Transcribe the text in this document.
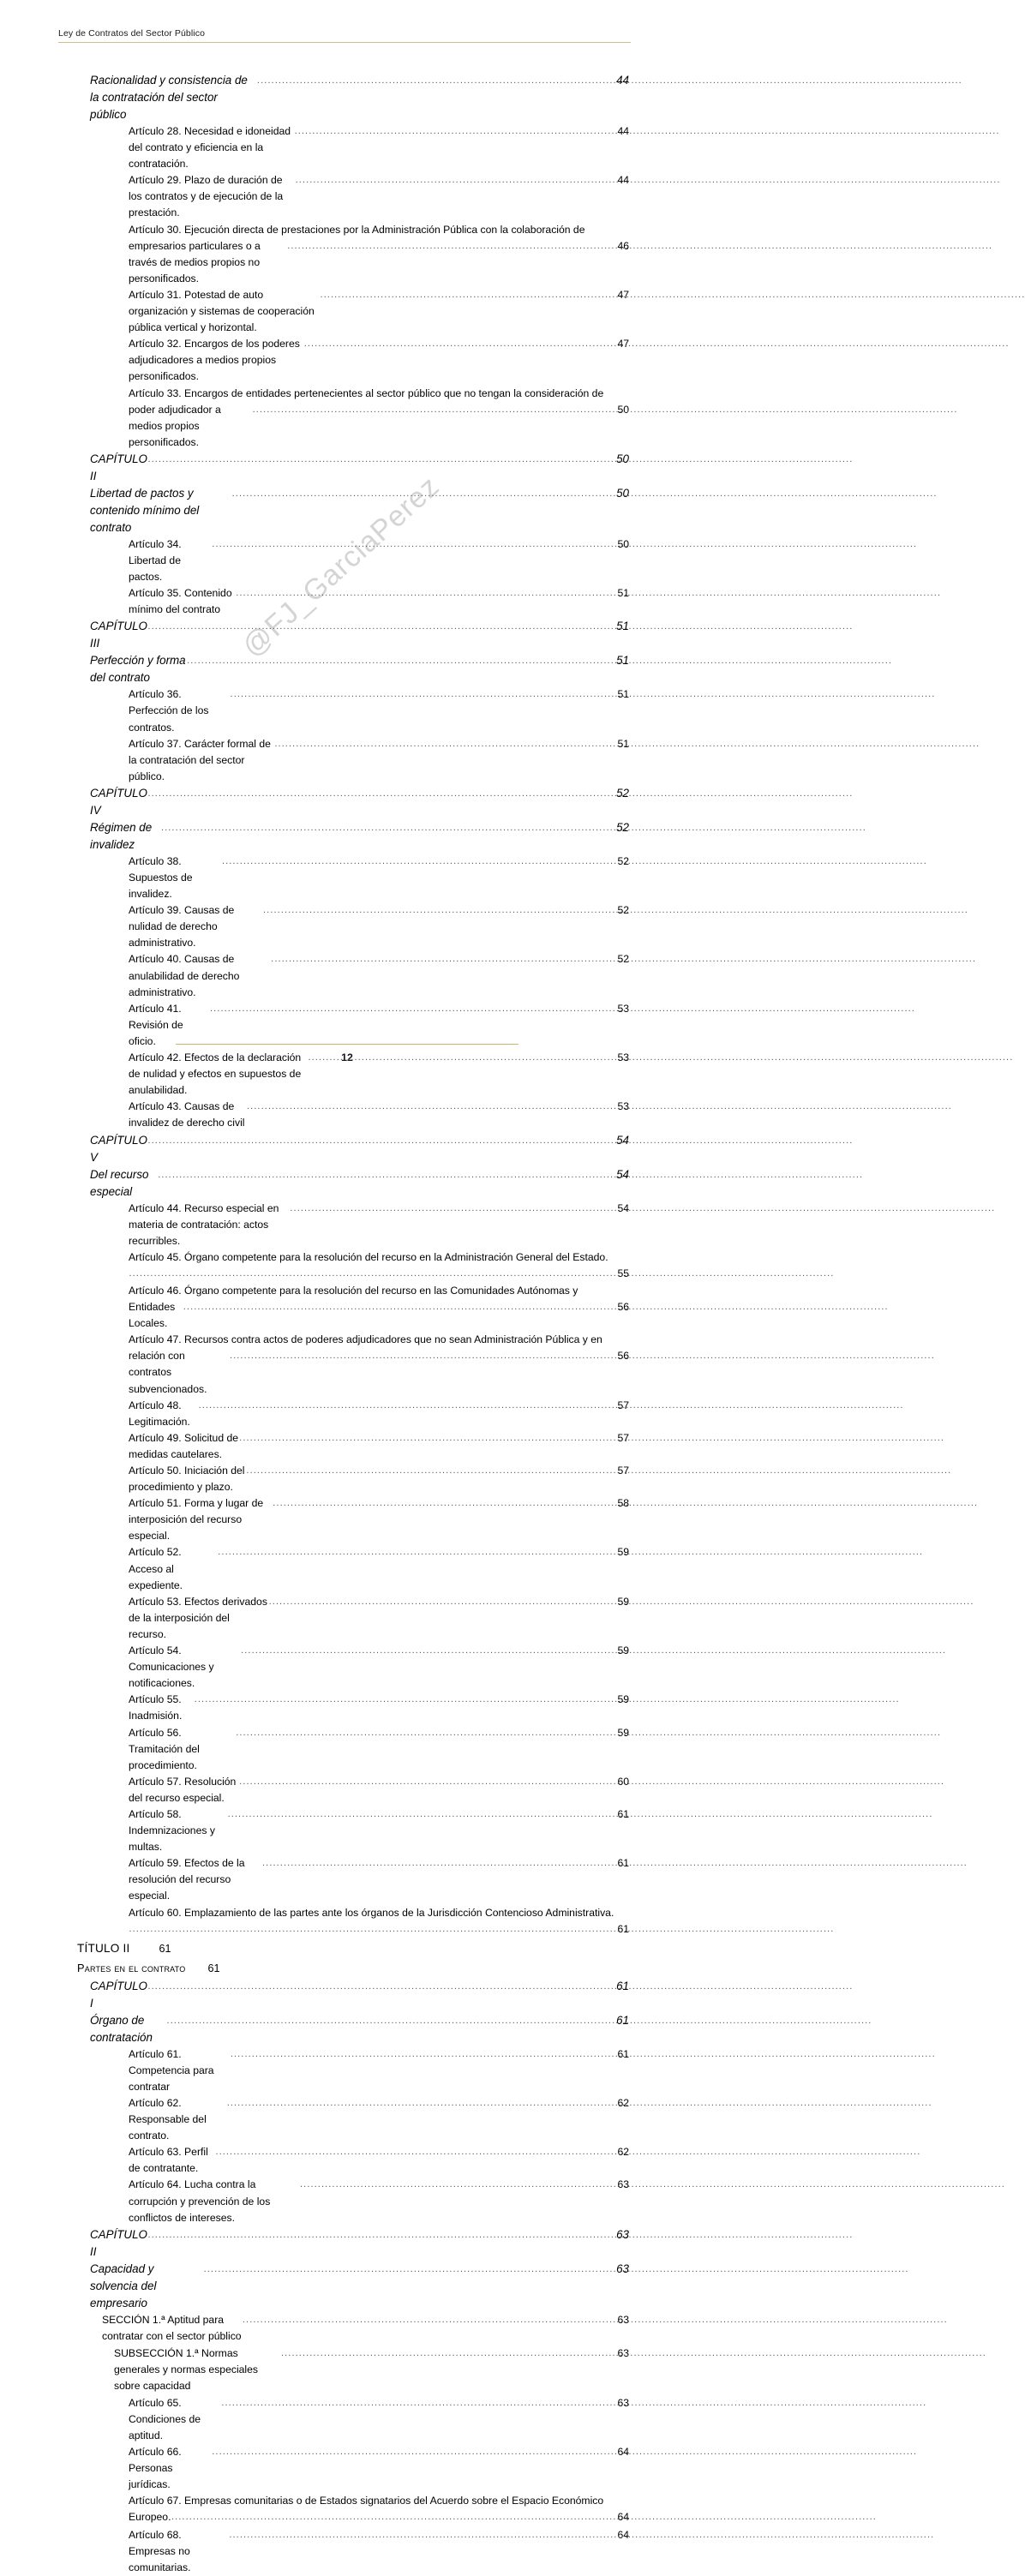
Ley de Contratos del Sector Público
@FJ_GarciaPerez
Racionalidad y consistencia de la contratación del sector público
.....
44
Artículo 28. Necesidad e idoneidad del contrato y eficiencia en la contratación.
.....
44
Artículo 29. Plazo de duración de los contratos y de ejecución de la prestación.
.....
44
Artículo 30. Ejecución directa de prestaciones por la Administración Pública con la colaboración de
empresarios particulares o a través de medios propios no personificados.
.....
46
Artículo 31. Potestad de auto organización y sistemas de cooperación pública vertical y horizontal.
.....
47
Artículo 32. Encargos de los poderes adjudicadores a medios propios personificados.
.....
47
Artículo 33. Encargos de entidades pertenecientes al sector público que no tengan la consideración de
poder adjudicador a medios propios personificados.
.....
50
CAPÍTULO II
.....
50
Libertad de pactos y contenido mínimo del contrato
.....
50
Artículo 34. Libertad de pactos.
.....
50
Artículo 35. Contenido mínimo del contrato
.....
51
CAPÍTULO III
.....
51
Perfección y forma del contrato
.....
51
Artículo 36. Perfección de los contratos.
.....
51
Artículo 37. Carácter formal de la contratación del sector público.
.....
51
CAPÍTULO IV
.....
52
Régimen de invalidez
.....
52
Artículo 38. Supuestos de invalidez.
.....
52
Artículo 39. Causas de nulidad de derecho administrativo.
.....
52
Artículo 40. Causas de anulabilidad de derecho administrativo.
.....
52
Artículo 41. Revisión de oficio.
.....
53
Artículo 42. Efectos de la declaración de nulidad y efectos en supuestos de anulabilidad.
.....
53
Artículo 43. Causas de invalidez de derecho civil
.....
53
CAPÍTULO V
.....
54
Del recurso especial
.....
54
Artículo 44. Recurso especial en materia de contratación: actos recurribles.
.....
54
Artículo 45. Órgano competente para la resolución del recurso en la Administración General del Estado.
.....
55
Artículo 46. Órgano competente para la resolución del recurso en las Comunidades Autónomas y
Entidades Locales.
.....
56
Artículo 47. Recursos contra actos de poderes adjudicadores que no sean Administración Pública y en
relación con contratos subvencionados.
.....
56
Artículo 48. Legitimación.
.....
57
Artículo 49. Solicitud de medidas cautelares.
.....
57
Artículo 50. Iniciación del procedimiento y plazo.
.....
57
Artículo 51. Forma y lugar de interposición del recurso especial.
.....
58
Artículo 52. Acceso al expediente.
.....
59
Artículo 53. Efectos derivados de la interposición del recurso.
.....
59
Artículo 54. Comunicaciones y notificaciones.
.....
59
Artículo 55. Inadmisión.
.....
59
Artículo 56. Tramitación del procedimiento.
.....
59
Artículo 57. Resolución del recurso especial.
.....
60
Artículo 58. Indemnizaciones y multas.
.....
61
Artículo 59. Efectos de la resolución del recurso especial.
.....
61
Artículo 60. Emplazamiento de las partes ante los órganos de la Jurisdicción Contencioso Administrativa.
.....
61
TÍTULO II	61
Partes en el contrato 61
CAPÍTULO I
.....
61
Órgano de contratación
.....
61
Artículo 61. Competencia para contratar
.....
61
Artículo 62. Responsable del contrato.
.....
62
Artículo 63. Perfil de contratante.
.....
62
Artículo 64. Lucha contra la corrupción y prevención de los conflictos de intereses.
.....
63
CAPÍTULO II
.....
63
Capacidad y solvencia del empresario
.....
63
SECCIÓN 1.ª Aptitud para contratar con el sector público
.....
63
SUBSECCIÓN 1.ª Normas generales y normas especiales sobre capacidad
.....
63
Artículo 65. Condiciones de aptitud.
.....
63
Artículo 66. Personas jurídicas.
.....
64
Artículo 67. Empresas comunitarias o de Estados signatarios del Acuerdo sobre el Espacio Económico
Europeo. .....	64
Artículo 68. Empresas no comunitarias.
.....
64
12
